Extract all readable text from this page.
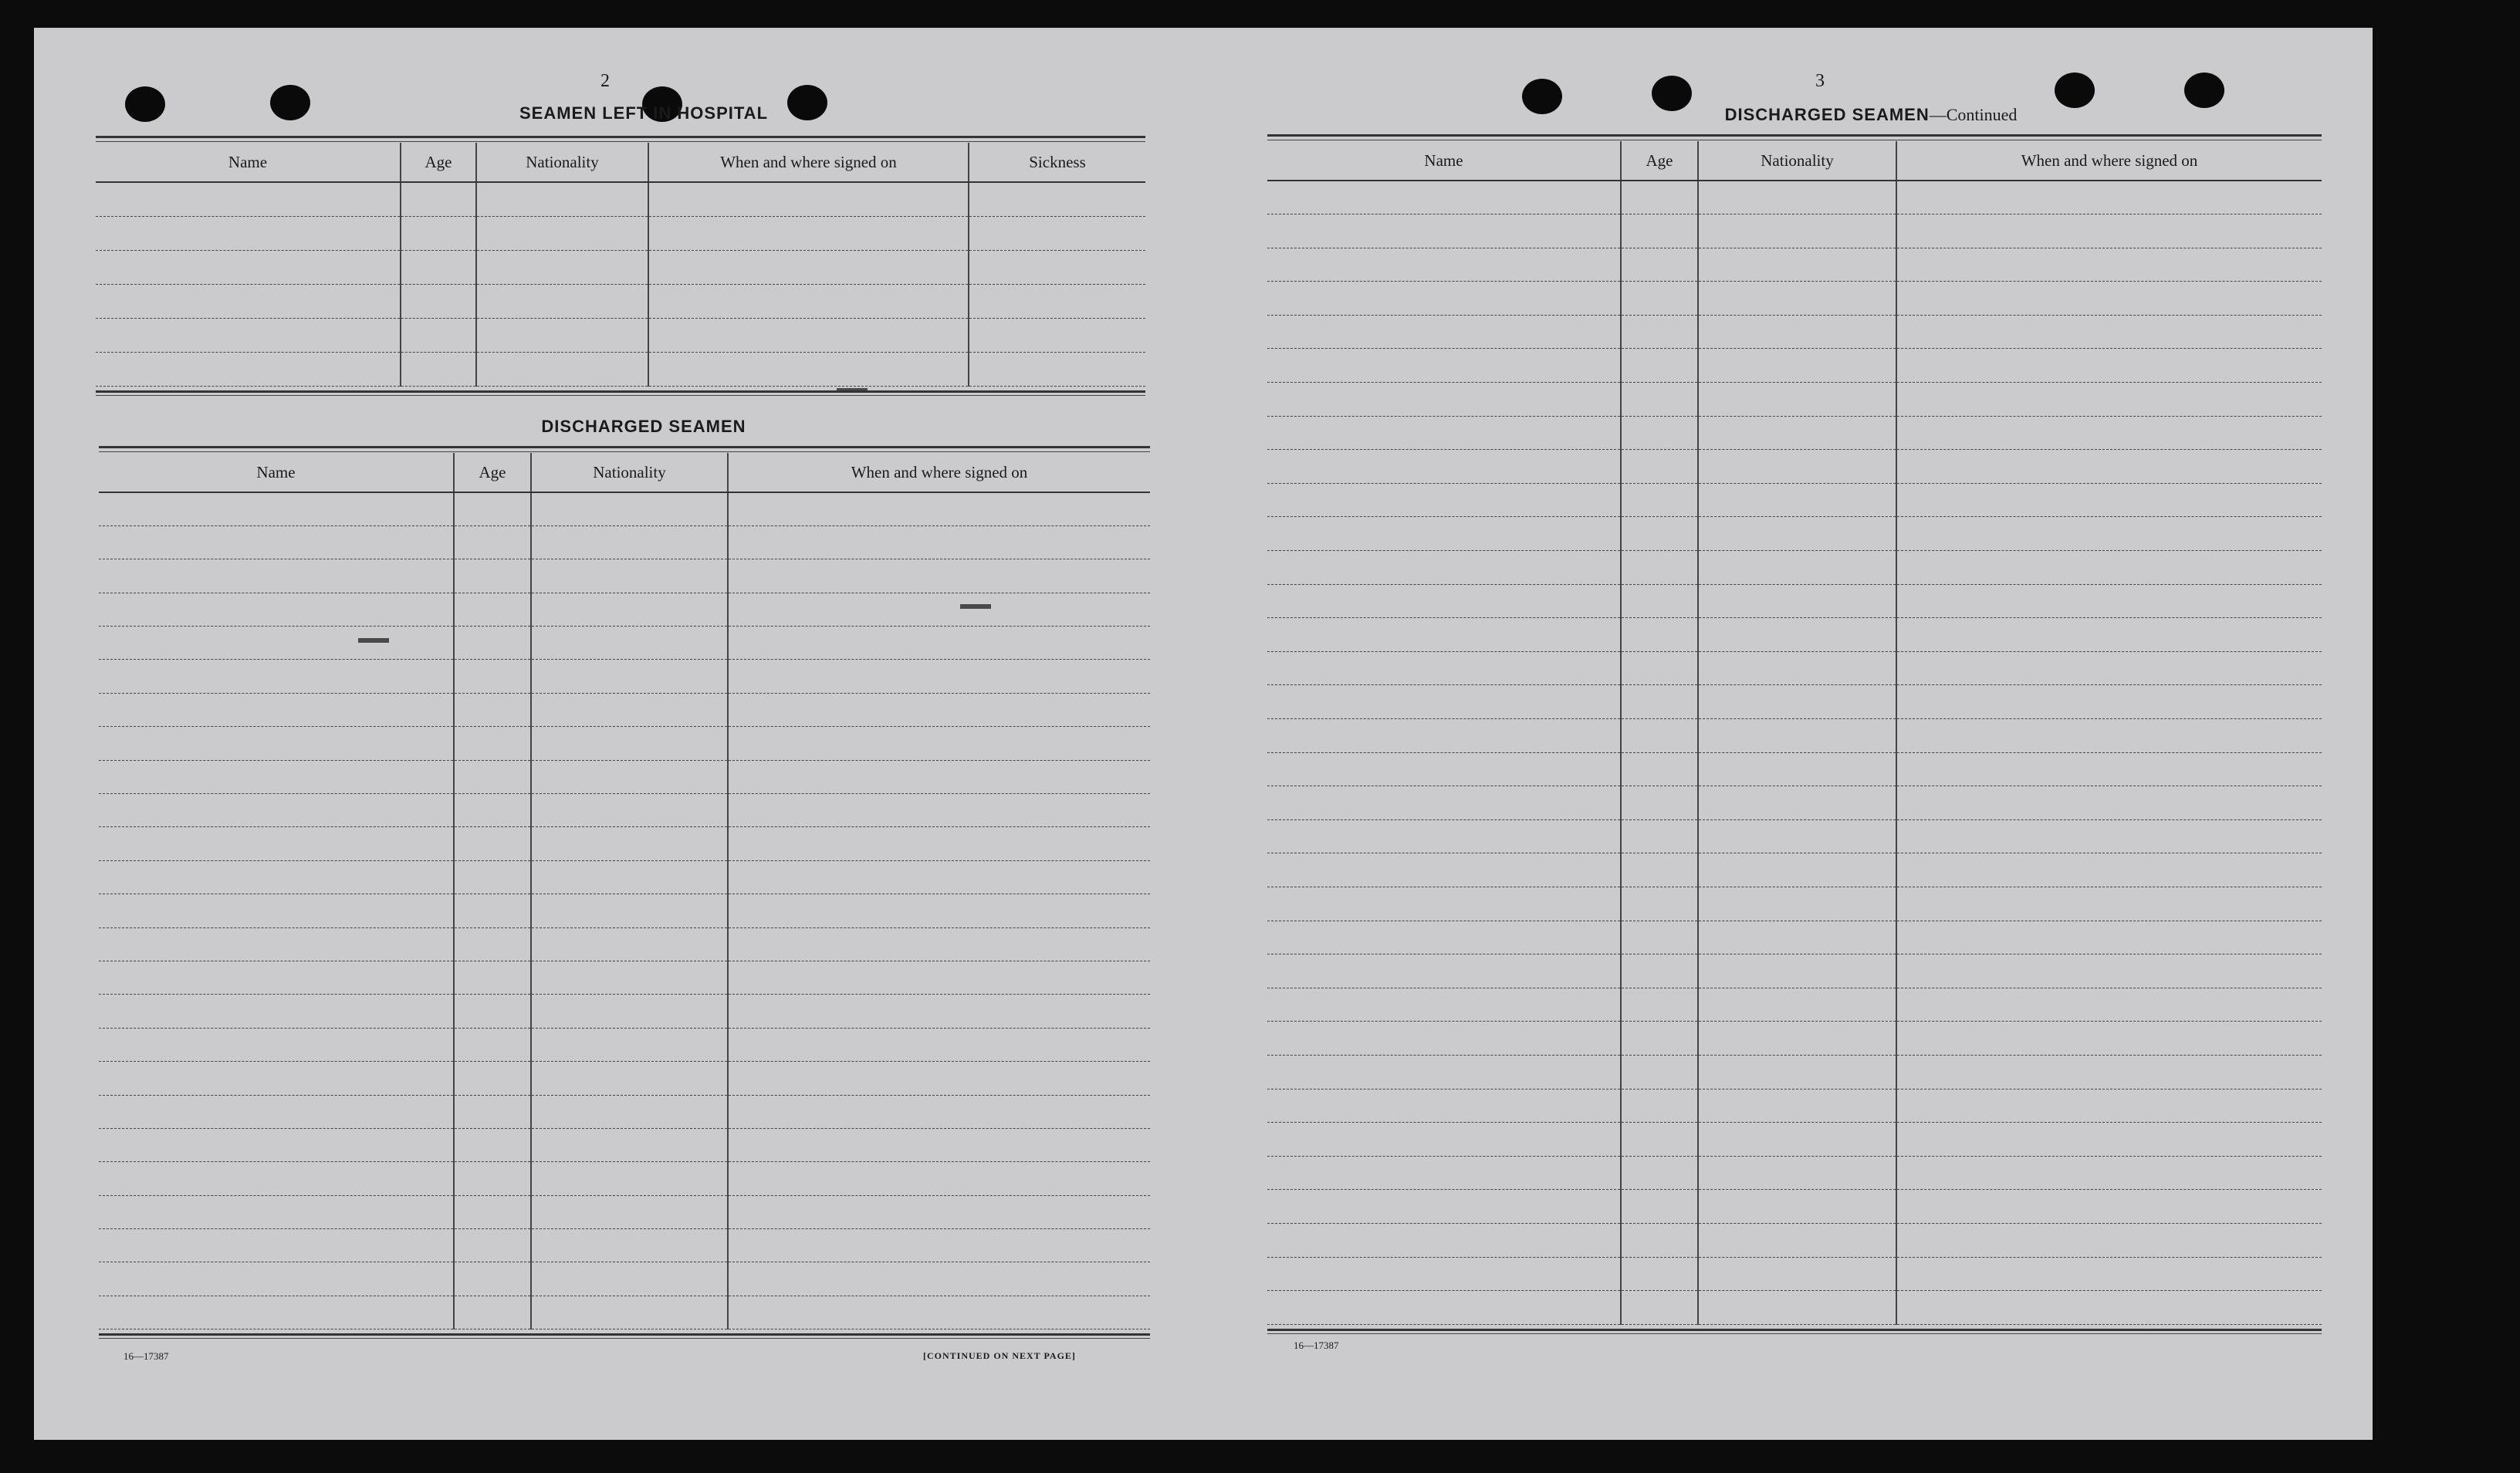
2
SEAMEN LEFT IN HOSPITAL
Name	Age	Nationality	When and where signed on	Sickness

DISCHARGED SEAMEN
Name	Age	Nationality	When and where signed on

16—17387	[CONTINUED ON NEXT PAGE]
▬▬
▬▬
▬▬
3
DISCHARGED SEAMEN—Continued
Name	Age	Nationality	When and where signed on

16—17387
